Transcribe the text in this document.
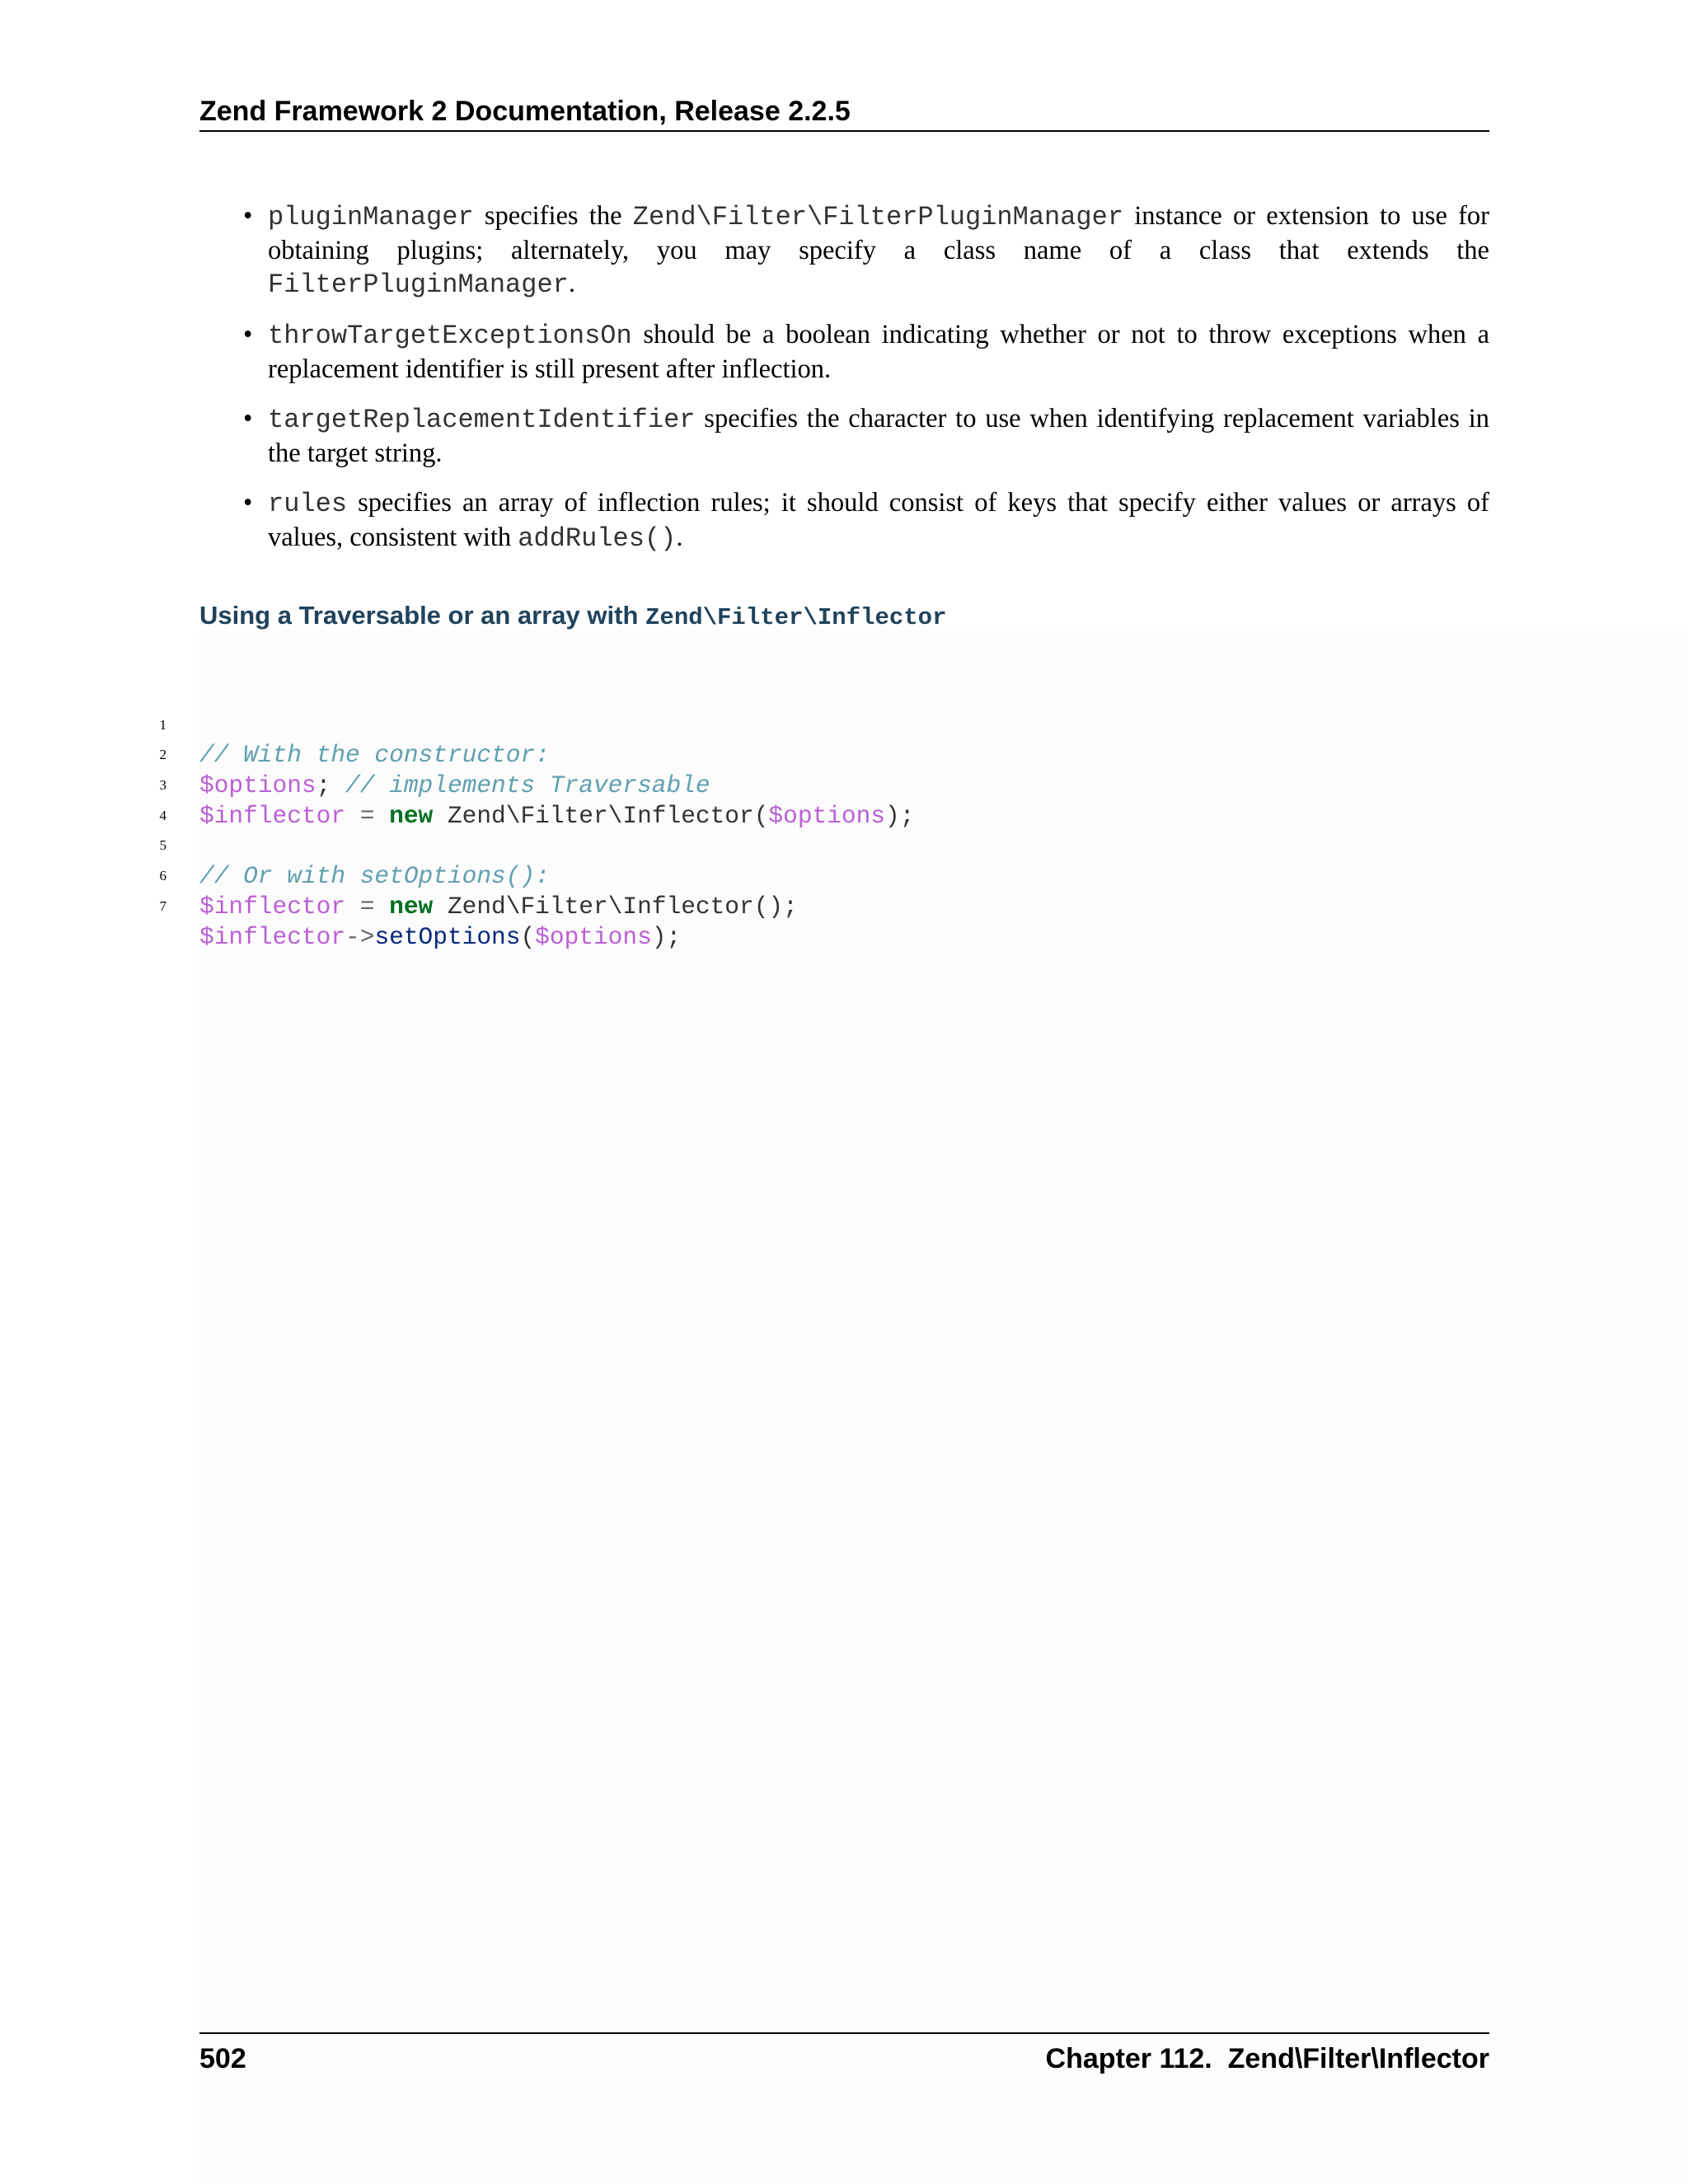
Zend Framework 2 Documentation, Release 2.2.5
• pluginManager specifies the Zend\Filter\FilterPluginManager instance or extension to use for obtaining plugins; alternately, you may specify a class name of a class that extends the FilterPluginManager.
• throwTargetExceptionsOn should be a boolean indicating whether or not to throw exceptions when a replacement identifier is still present after inflection.
• targetReplacementIdentifier specifies the character to use when identifying replacement variables in the target string.
• rules specifies an array of inflection rules; it should consist of keys that specify either values or arrays of values, consistent with addRules().
Using a Traversable or an array with Zend\Filter\Inflector

1

// With the constructor:

2

$options; // implements Traversable

3

$inflector = new Zend\Filter\Inflector($options);

4

5

// Or with setOptions():

6

$inflector = new Zend\Filter\Inflector();

7

$inflector->setOptions($options);

502	Chapter 112.  Zend\Filter\Inflector
